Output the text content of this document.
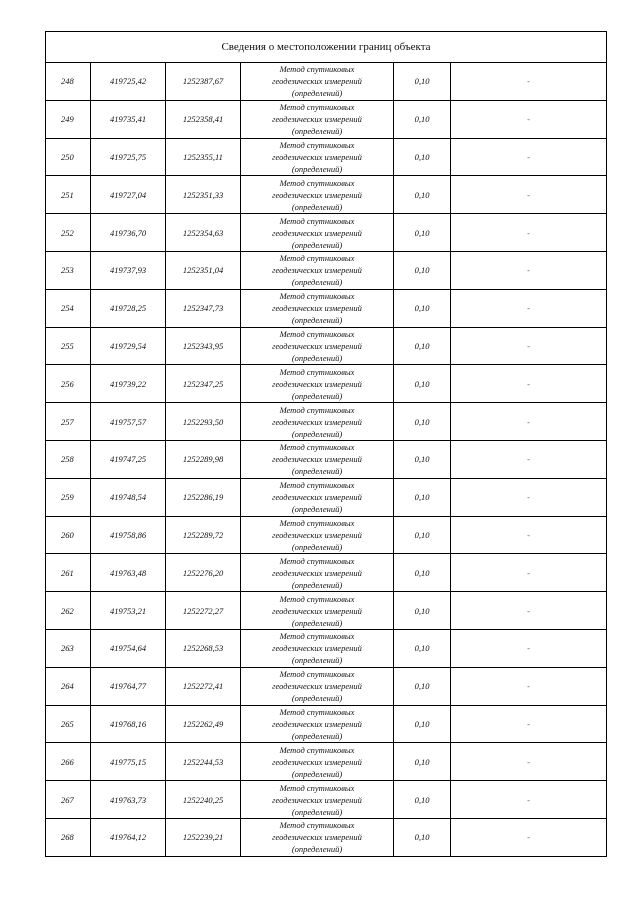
Сведения о местоположении границ объекта					
248	419725,42	1252387,67	Метод спутниковых
геодезических измерений
(определений)	0,10	-
249	419735,41	1252358,41	Метод спутниковых
геодезических измерений
(определений)	0,10	-
250	419725,75	1252355,11	Метод спутниковых
геодезических измерений
(определений)	0,10	-
251	419727,04	1252351,33	Метод спутниковых
геодезических измерений
(определений)	0,10	-
252	419736,70	1252354,63	Метод спутниковых
геодезических измерений
(определений)	0,10	-
253	419737,93	1252351,04	Метод спутниковых
геодезических измерений
(определений)	0,10	-
254	419728,25	1252347,73	Метод спутниковых
геодезических измерений
(определений)	0,10	-
255	419729,54	1252343,95	Метод спутниковых
геодезических измерений
(определений)	0,10	-
256	419739,22	1252347,25	Метод спутниковых
геодезических измерений
(определений)	0,10	-
257	419757,57	1252293,50	Метод спутниковых
геодезических измерений
(определений)	0,10	-
258	419747,25	1252289,98	Метод спутниковых
геодезических измерений
(определений)	0,10	-
259	419748,54	1252286,19	Метод спутниковых
геодезических измерений
(определений)	0,10	-
260	419758,86	1252289,72	Метод спутниковых
геодезических измерений
(определений)	0,10	-
261	419763,48	1252276,20	Метод спутниковых
геодезических измерений
(определений)	0,10	-
262	419753,21	1252272,27	Метод спутниковых
геодезических измерений
(определений)	0,10	-
263	419754,64	1252268,53	Метод спутниковых
геодезических измерений
(определений)	0,10	-
264	419764,77	1252272,41	Метод спутниковых
геодезических измерений
(определений)	0,10	-
265	419768,16	1252262,49	Метод спутниковых
геодезических измерений
(определений)	0,10	-
266	419775,15	1252244,53	Метод спутниковых
геодезических измерений
(определений)	0,10	-
267	419763,73	1252240,25	Метод спутниковых
геодезических измерений
(определений)	0,10	-
268	419764,12	1252239,21	Метод спутниковых
геодезических измерений
(определений)	0,10	-
